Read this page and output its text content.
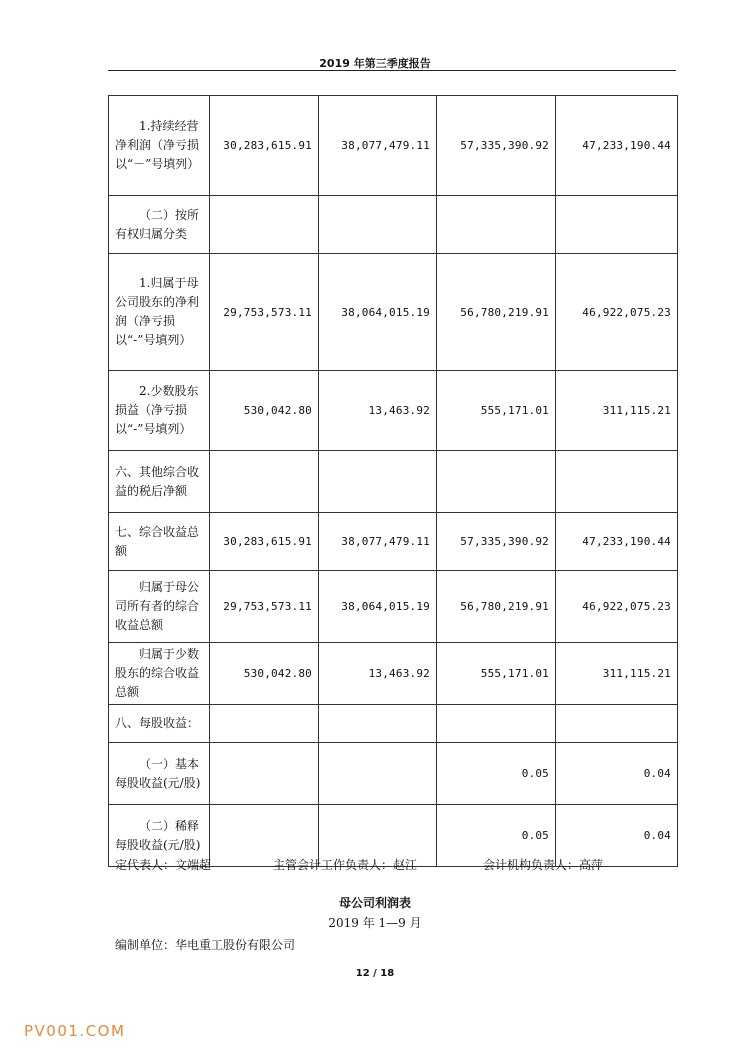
2019 年第三季度报告
1.持续经营净利润（净亏损以“－”号填列）	30,283,615.91	38,077,479.11	57,335,390.92	47,233,190.44
（二）按所有权归属分类				
1.归属于母公司股东的净利润（净亏损以“-”号填列）	29,753,573.11	38,064,015.19	56,780,219.91	46,922,075.23
2.少数股东损益（净亏损以“-”号填列）	530,042.80	13,463.92	555,171.01	311,115.21
六、其他综合收益的税后净额				
七、综合收益总额	30,283,615.91	38,077,479.11	57,335,390.92	47,233,190.44
归属于母公司所有者的综合收益总额	29,753,573.11	38,064,015.19	56,780,219.91	46,922,075.23
归属于少数股东的综合收益总额	530,042.80	13,463.92	555,171.01	311,115.21
八、每股收益：				
（一）基本每股收益(元/股)			0.05	0.04
（二）稀释每股收益(元/股)			0.05	0.04
定代表人：文端超	主管会计工作负责人：赵江	会计机构负责人：高萍
母公司利润表
2019 年 1—9 月
编制单位：华电重工股份有限公司
12 / 18
PV001.COM
